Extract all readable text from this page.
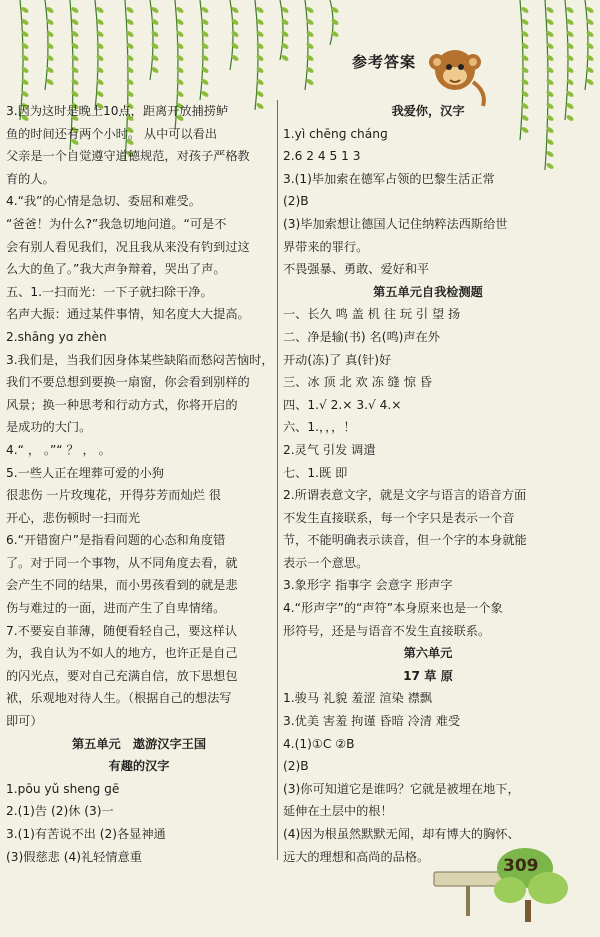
参考答案
3.因为这时是晚上10点，距离开放捕捞鲈
鱼的时间还有两个小时。 从中可以看出
父亲是一个自觉遵守道德规范，对孩子严格教
育的人。
4.“我”的心情是急切、委屈和难受。
“爸爸！为什么?”我急切地问道。“可是不
会有别人看见我们，况且我从来没有钓到过这
么大的鱼了。”我大声争辩着，哭出了声。
五、1.一扫而光：一下子就扫除干净。
名声大振：通过某件事情，知名度大大提高。
2.shāng yɑ zhèn
3.我们是，当我们因身体某些缺陷而愁闷苦恼时，
我们不要总想到要换一扇窗，你会看到别样的
风景；换一种思考和行动方式，你将开启的
是成功的大门。
4.“ ， 。”“ ？ ， 。
5.一些人正在埋葬可爱的小狗
很悲伤 一片玫瑰花，开得芬芳而灿烂 很
开心，悲伤顿时一扫而光
6.“开错窗户”是指看问题的心态和角度错
了。对于同一个事物，从不同角度去看，就
会产生不同的结果，而小男孩看到的就是悲
伤与难过的一面，进而产生了自卑情绪。
7.不要妄自菲薄，随便看轻自己，要这样认
为，我自认为不如人的地方，也许正是自己
的闪光点，要对自己充满自信，放下思想包
袱，乐观地对待人生。（根据自己的想法写
即可）
第五单元　遨游汉字王国
有趣的汉字
1.pōu yǔ shenɡ ɡē
2.(1)告 (2)休 (3)一
3.(1)有苦说不出 (2)各显神通
(3)假慈悲 (4)礼轻情意重
我爱你，汉字
1.yì chēnɡ chánɡ
2.6 2 4 5 1 3
3.(1)毕加索在德军占领的巴黎生活正常
(2)B
(3)毕加索想让德国人记住纳粹法西斯给世
界带来的罪行。
不畏强暴、勇敢、爱好和平
第五单元自我检测题
一、长久 鸣 盖 机 往 玩 引 望 扬
二、净是输(书) 名(鸣)声在外
开动(冻)了 真(针)好
三、冰 顶 北 欢 冻 缝 惊 昏
四、1.√ 2.× 3.√ 4.×
六、1.，，，！
2.灵气 引发 调遣
七、1.既 即
2.所谓表意文字，就是文字与语言的语音方面
不发生直接联系，每一个字只是表示一个音
节，不能明确表示读音，但一个字的本身就能
表示一个意思。
3.象形字 指事字 会意字 形声字
4.“形声字”的“声符”本身原来也是一个象
形符号，还是与语音不发生直接联系。
第六单元
17 草 原
1.骏马 礼貌 羞涩 渲染 襟飘
3.优美 害羞 拘谨 昏暗 冷清 难受
4.(1)①C ②B
(2)B
(3)你可知道它是谁吗？它就是被埋在地下，
延伸在土层中的根！
(4)因为根虽然默默无闻，却有博大的胸怀、
远大的理想和高尚的品格。	309
